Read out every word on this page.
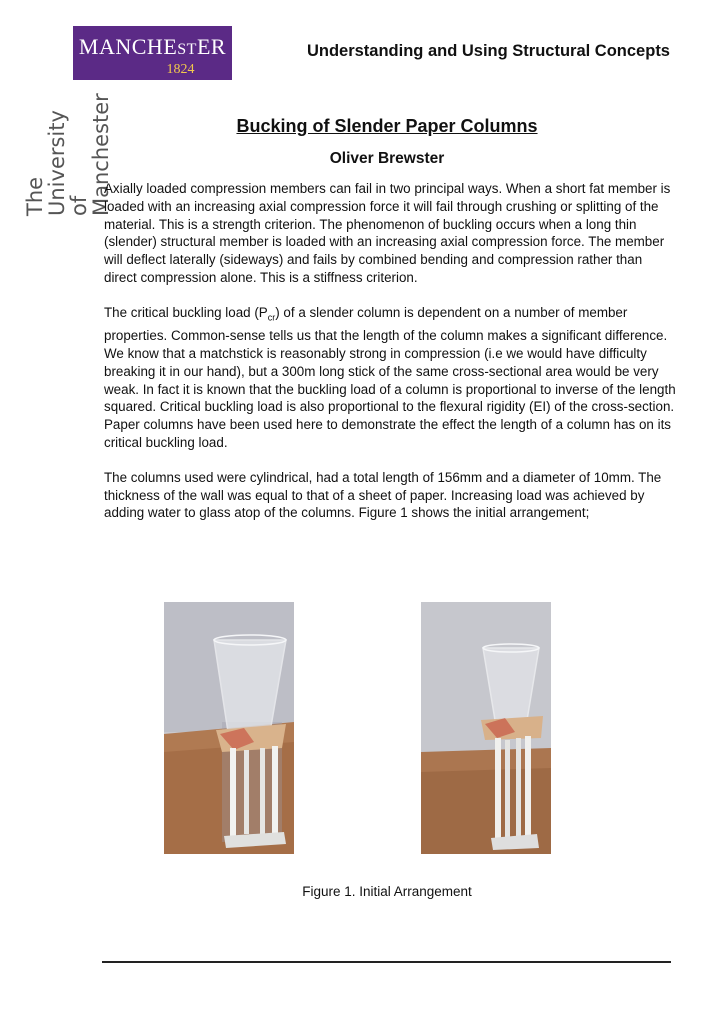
MANCHESTER
1824
The University
of Manchester
Understanding and Using Structural Concepts
Bucking of Slender Paper Columns
Oliver Brewster

Axially loaded compression members can fail in two principal ways. When a short fat member is loaded with an increasing axial compression force it will fail through crushing or splitting of the material. This is a strength criterion. The phenomenon of buckling occurs when a long thin (slender) structural member is loaded with an increasing axial compression force. The member will deflect laterally (sideways) and fails by combined bending and compression rather than direct compression alone. This is a stiffness criterion.

The critical buckling load $(P_{cr})$ of a slender column is dependent on a number of member properties. Common-sense tells us that the length of the column makes a significant difference. We know that a matchstick is reasonably strong in compression (i.e we would have difficulty breaking it in our hand), but a 300m long stick of the same cross-sectional area would be very weak. In fact it is known that the buckling load of a column is proportional to inverse of the length squared. Critical buckling load is also proportional to the flexural rigidity (EI) of the cross-section. Paper columns have been used here to demonstrate the effect the length of a column has on its critical buckling load.

The columns used were cylindrical, had a total length of 156mm and a diameter of 10mm. The thickness of the wall was equal to that of a sheet of paper. Increasing load was achieved by adding water to glass atop of the columns. Figure 1 shows the initial arrangement;

Figure 1. Initial Arrangement
